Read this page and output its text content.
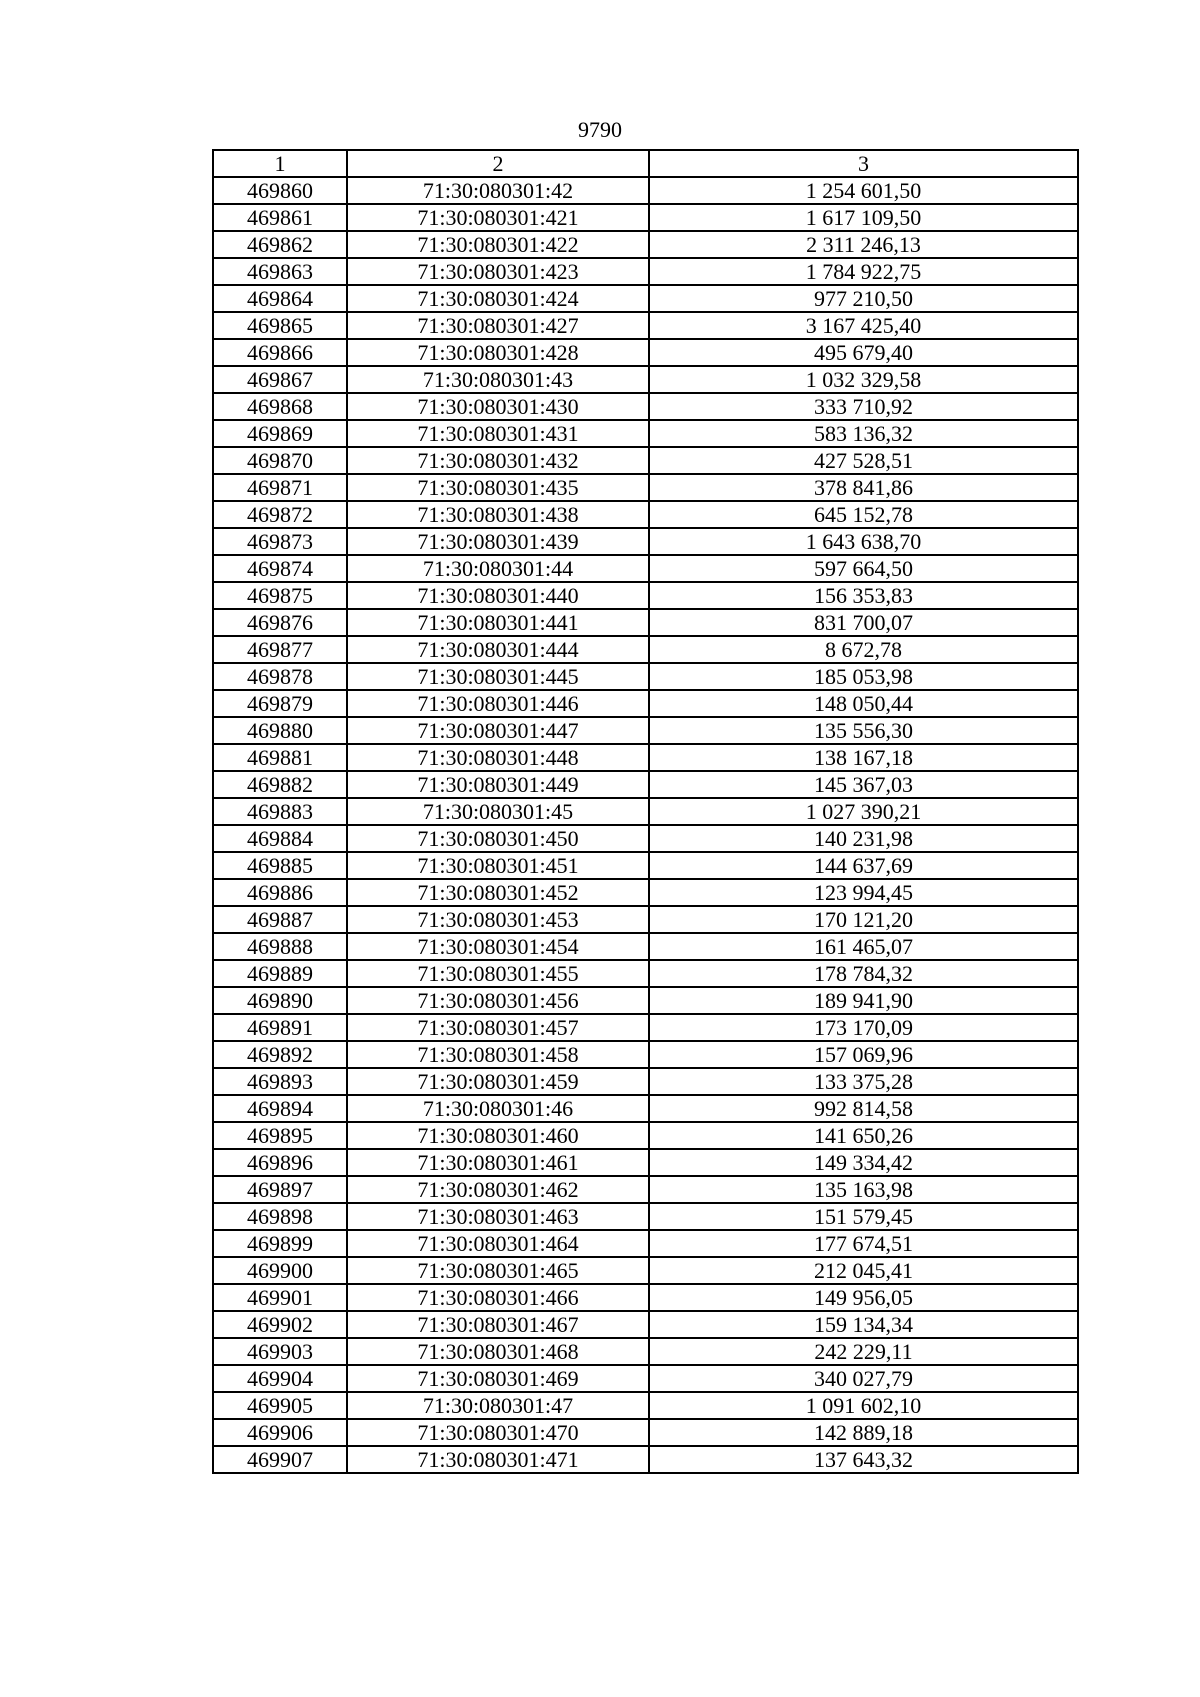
9790
1	2	3
469860	71:30:080301:42	1 254 601,50
469861	71:30:080301:421	1 617 109,50
469862	71:30:080301:422	2 311 246,13
469863	71:30:080301:423	1 784 922,75
469864	71:30:080301:424	977 210,50
469865	71:30:080301:427	3 167 425,40
469866	71:30:080301:428	495 679,40
469867	71:30:080301:43	1 032 329,58
469868	71:30:080301:430	333 710,92
469869	71:30:080301:431	583 136,32
469870	71:30:080301:432	427 528,51
469871	71:30:080301:435	378 841,86
469872	71:30:080301:438	645 152,78
469873	71:30:080301:439	1 643 638,70
469874	71:30:080301:44	597 664,50
469875	71:30:080301:440	156 353,83
469876	71:30:080301:441	831 700,07
469877	71:30:080301:444	8 672,78
469878	71:30:080301:445	185 053,98
469879	71:30:080301:446	148 050,44
469880	71:30:080301:447	135 556,30
469881	71:30:080301:448	138 167,18
469882	71:30:080301:449	145 367,03
469883	71:30:080301:45	1 027 390,21
469884	71:30:080301:450	140 231,98
469885	71:30:080301:451	144 637,69
469886	71:30:080301:452	123 994,45
469887	71:30:080301:453	170 121,20
469888	71:30:080301:454	161 465,07
469889	71:30:080301:455	178 784,32
469890	71:30:080301:456	189 941,90
469891	71:30:080301:457	173 170,09
469892	71:30:080301:458	157 069,96
469893	71:30:080301:459	133 375,28
469894	71:30:080301:46	992 814,58
469895	71:30:080301:460	141 650,26
469896	71:30:080301:461	149 334,42
469897	71:30:080301:462	135 163,98
469898	71:30:080301:463	151 579,45
469899	71:30:080301:464	177 674,51
469900	71:30:080301:465	212 045,41
469901	71:30:080301:466	149 956,05
469902	71:30:080301:467	159 134,34
469903	71:30:080301:468	242 229,11
469904	71:30:080301:469	340 027,79
469905	71:30:080301:47	1 091 602,10
469906	71:30:080301:470	142 889,18
469907	71:30:080301:471	137 643,32
